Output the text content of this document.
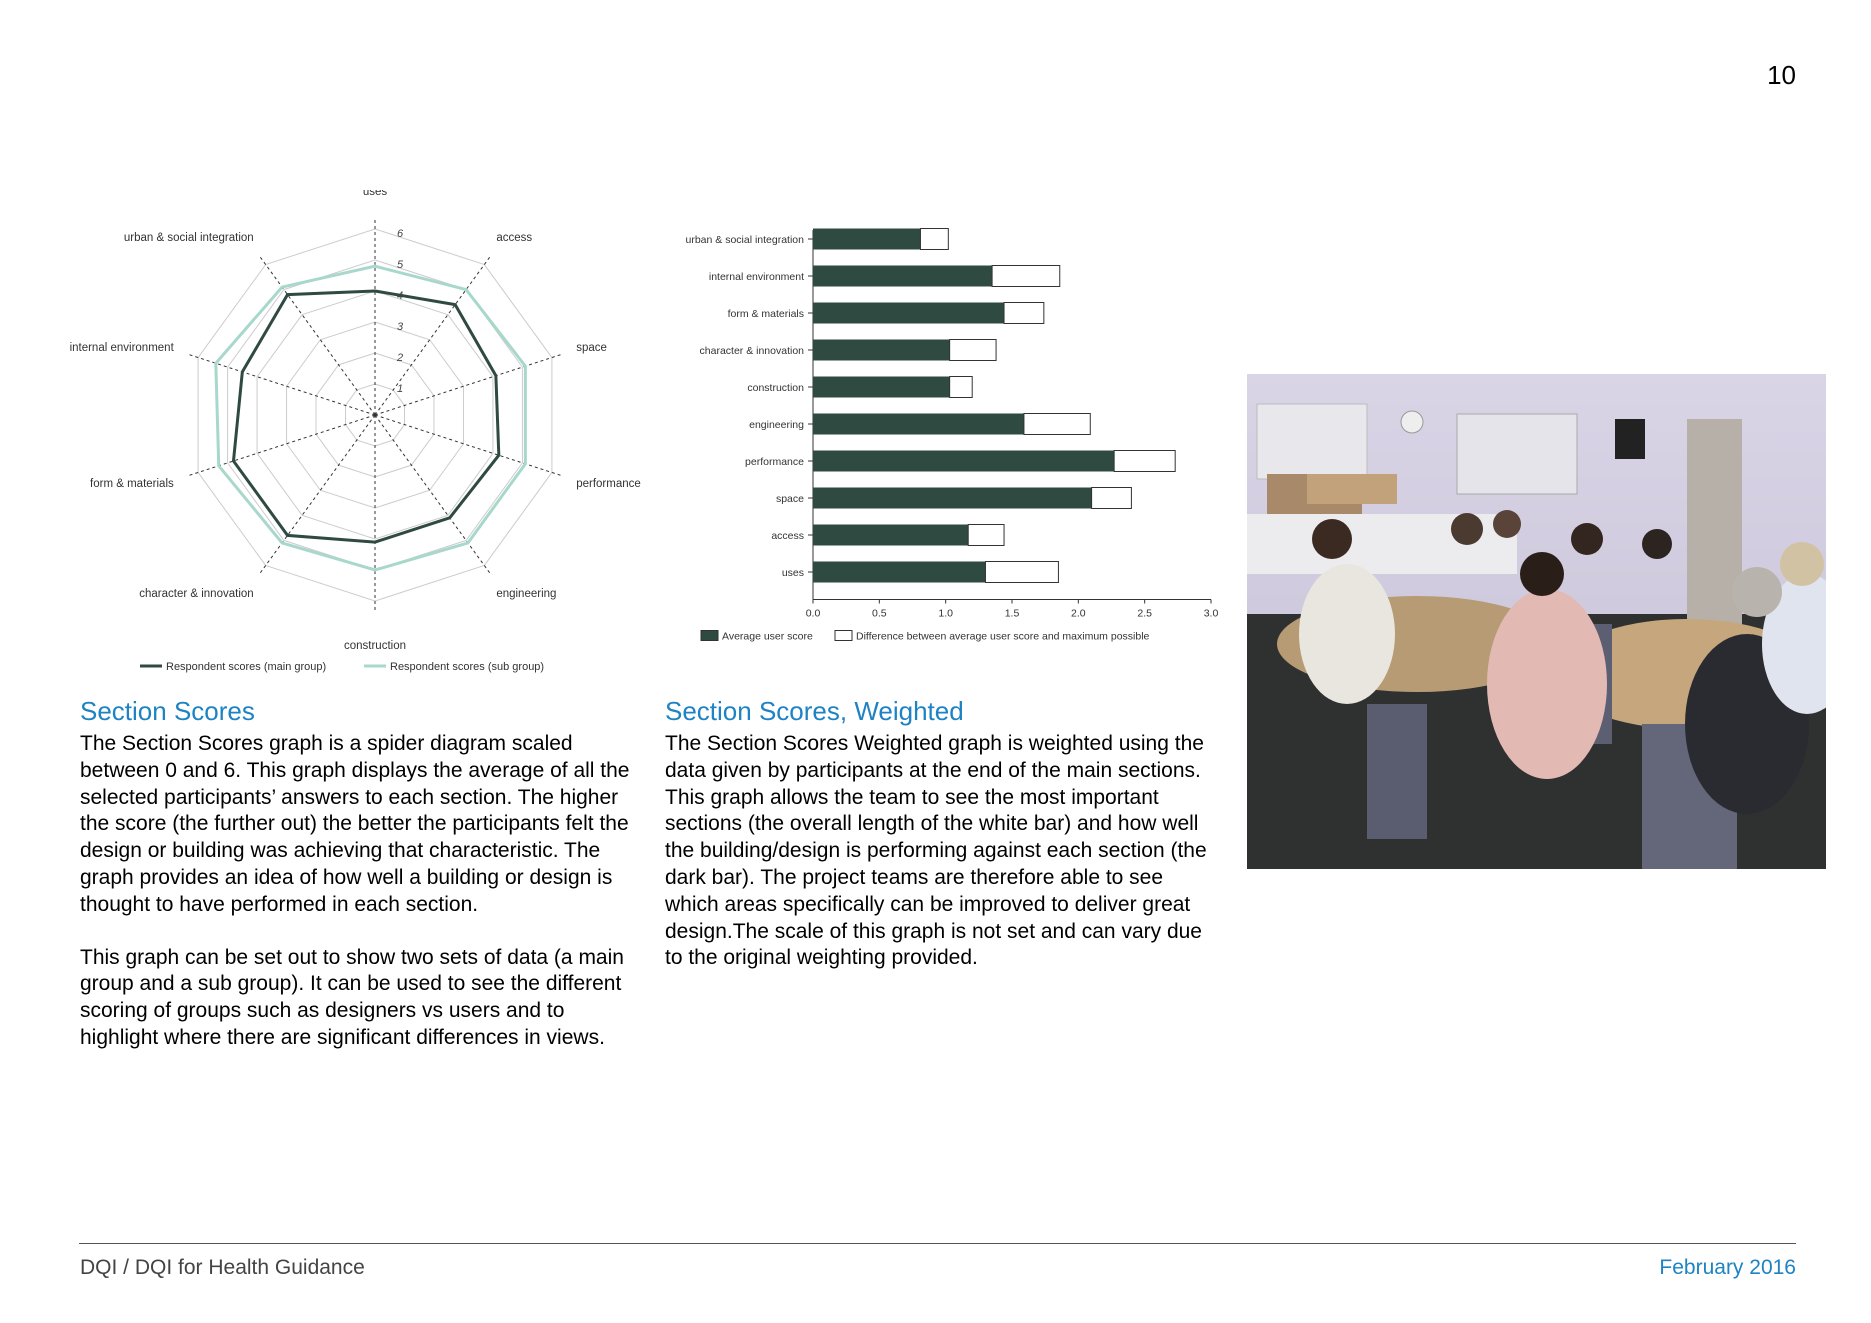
10
1
2
3
4
5
6
uses
access
space
performance
engineering
construction
character & innovation
form & materials
internal environment
urban & social integration
Respondent scores (main group)	Respondent scores (sub group)
urban & social integration
internal environment
form & materials
character & innovation
construction
engineering
performance
space
access
uses
0.0	0.5	1.0	1.5	2.0	2.5	3.0
Average user score	Difference between average user score and maximum possible
Section Scores

The Section Scores graph is a spider diagram scaled between 0 and 6. This graph displays the average of all the selected participants’ answers to each section. The higher the score (the further out) the better the participants felt the design or building was achieving that characteristic. The graph provides an idea of how well a building or design is thought to have performed in each section.

This graph can be set out to show two sets of data (a main group and a sub group). It can be used to see the different scoring of groups such as designers vs users and to highlight where there are significant differences in views.

Section Scores, Weighted

The Section Scores Weighted graph is weighted using the data given by participants at the end of the main sections. This graph allows the team to see the most important sections (the overall length of the white bar) and how well the building/design is performing against each section (the dark bar). The project teams are therefore able to see which areas specifically can be improved to deliver great design.The scale of this graph is not set and can vary due to the original weighting provided.

DQI / DQI for Health Guidance	February 2016
